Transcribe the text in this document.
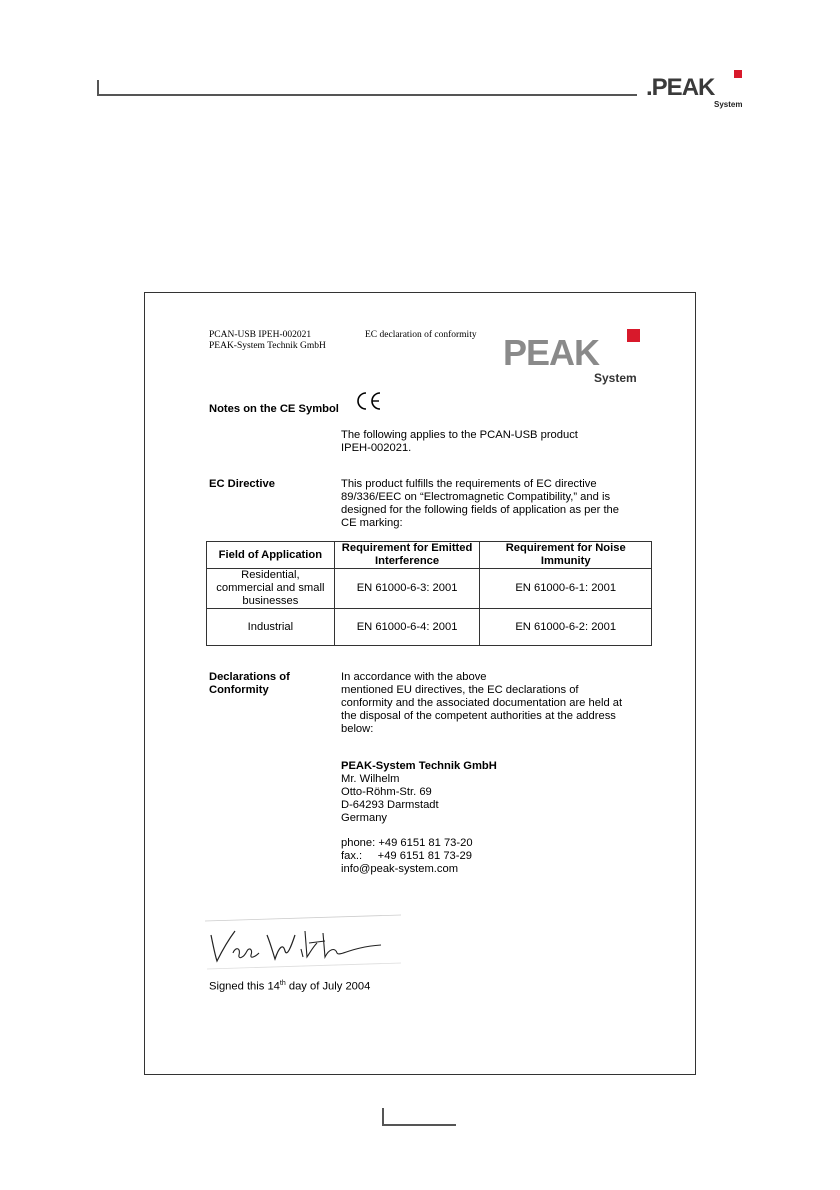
.PEAK
System
PCAN-USB IPEH-002021
PEAK-System Technik GmbH
EC declaration of conformity PEAK
System
Notes on the CE Symbol
CE
The following applies to the PCAN-USB product
IPEH-002021.
EC Directive	This product fulfills the requirements of EC directive
89/336/EEC on “Electromagnetic Compatibility,” and is
designed for the following fields of application as per the
CE marking:
Field of Application	Requirement for Emitted Interference	Requirement for Noise Immunity
Residential, commercial and small businesses	EN 61000-6-3: 2001	EN 61000-6-1: 2001
Industrial	EN 61000-6-4: 2001	EN 61000-6-2: 2001
Declarations of
Conformity
In accordance with the above
mentioned EU directives, the EC declarations of
conformity and the associated documentation are held at
the disposal of the competent authorities at the address
below:
PEAK-System Technik GmbH
Mr. Wilhelm
Otto-Röhm-Str. 69
D-64293 Darmstadt
Germany
phone: +49 6151 81 73-20
fax.:     +49 6151 81 73-29
info@peak-system.com
Signed this 14th day of July 2004
